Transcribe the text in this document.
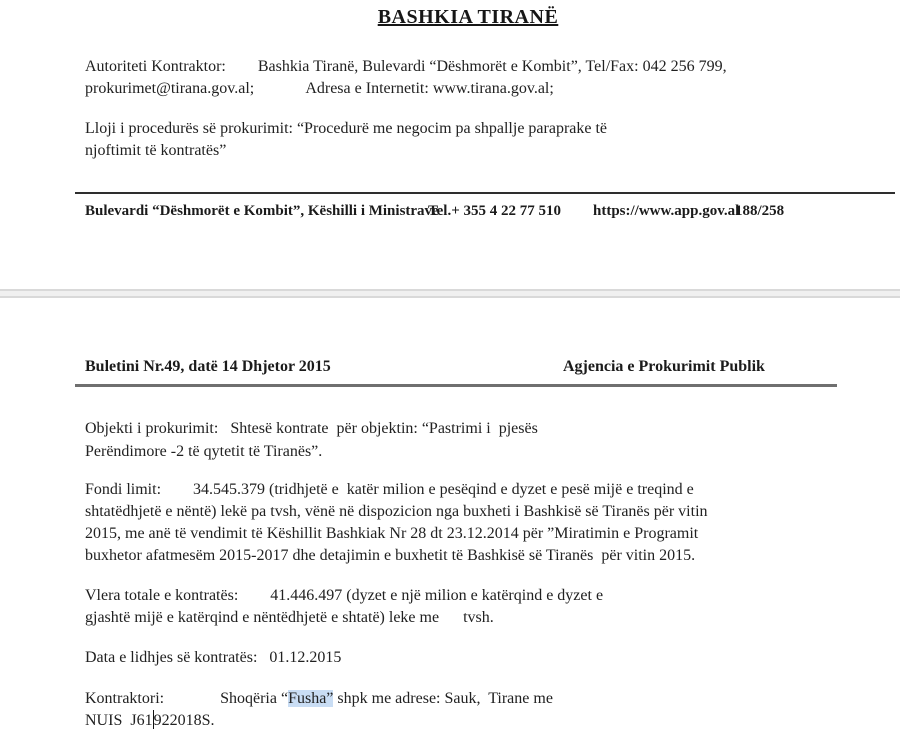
BASHKIA TIRANË
Autoriteti Kontraktor:        Bashkia Tiranë, Bulevardi “Dëshmorët e Kombit”, Tel/Fax: 042 256 799,
prokurimet@tirana.gov.al;             Adresa e Internetit: www.tirana.gov.al;
Lloji i procedurës së prokurimit: “Procedurë me negocim pa shpallje paraprake të
njoftimit të kontratës”
Bulevardi “Dëshmorët e Kombit”, Këshilli i Ministrave
Tel.+ 355 4 22 77 510 https://www.app.gov.al
188/258
Buletini Nr.49, datë 14 Dhjetor 2015	Agjencia e Prokurimit Publik
Objekti i prokurimit:   Shtesë kontrate  për objektin: “Pastrimi i  pjesës
Perëndimore -2 të qytetit të Tiranës”.
Fondi limit:        34.545.379 (tridhjetë e  katër milion e pesëqind e dyzet e pesë mijë e treqind e
shtatëdhjetë e nëntë) lekë pa tvsh, vënë në dispozicion nga buxheti i Bashkisë së Tiranës për vitin
2015, me anë të vendimit të Këshillit Bashkiak Nr 28 dt 23.12.2014 për ”Miratimin e Programit
buxhetor afatmesëm 2015-2017 dhe detajimin e buxhetit të Bashkisë së Tiranës  për vitin 2015.
Vlera totale e kontratës:        41.446.497 (dyzet e një milion e katërqind e dyzet e
gjashtë mijë e katërqind e nëntëdhjetë e shtatë) leke me      tvsh.
Data e lidhjes së kontratës:   01.12.2015
Kontraktori:              Shoqëria “Fusha” shpk me adrese: Sauk,  Tirane me
NUIS  J61922018S.
